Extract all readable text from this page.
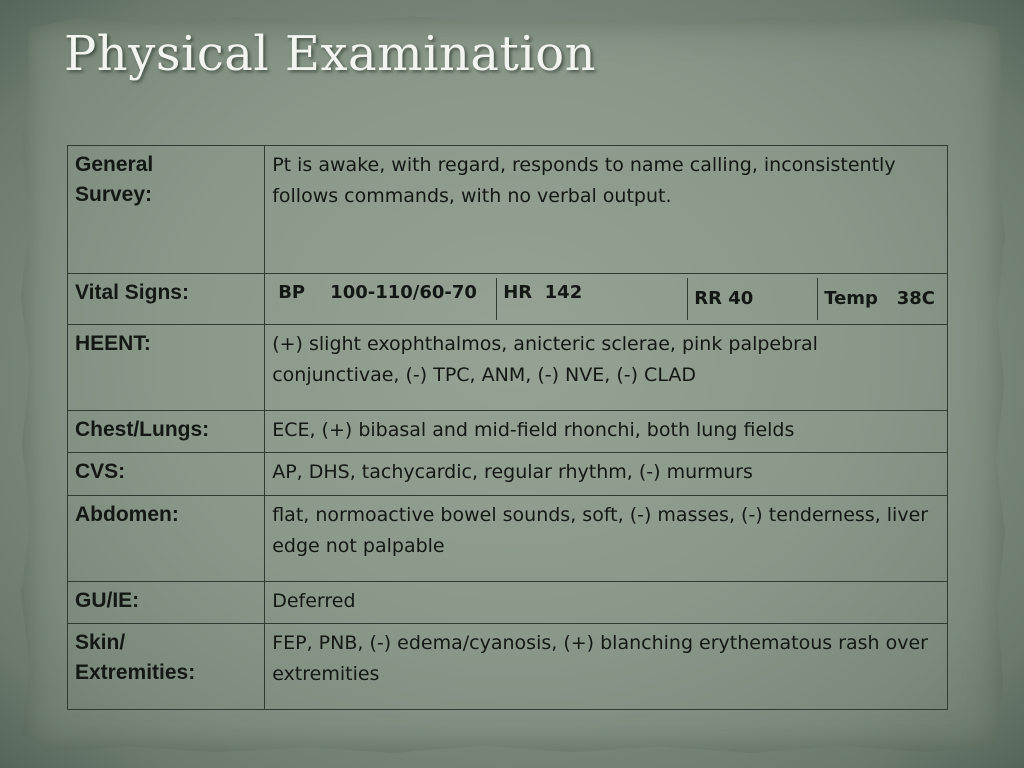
Physical Examination
General Survey:	Pt is awake, with regard, responds to name calling, inconsistently follows commands, with no verbal output.
Vital Signs:	BP    100-110/60-70 HR  142 RR 40 Temp   38C

HEENT:	(+) slight exophthalmos, anicteric sclerae, pink palpebral conjunctivae, (-) TPC, ANM, (-) NVE, (-) CLAD
Chest/Lungs:	ECE, (+) bibasal and mid-field rhonchi, both lung fields
CVS:	AP, DHS, tachycardic, regular rhythm, (-) murmurs
Abdomen:	flat, normoactive bowel sounds, soft, (-) masses, (-) tenderness, liver edge not palpable
GU/IE:	Deferred
Skin/ Extremities:	FEP, PNB, (-) edema/cyanosis, (+) blanching erythematous rash over extremities
